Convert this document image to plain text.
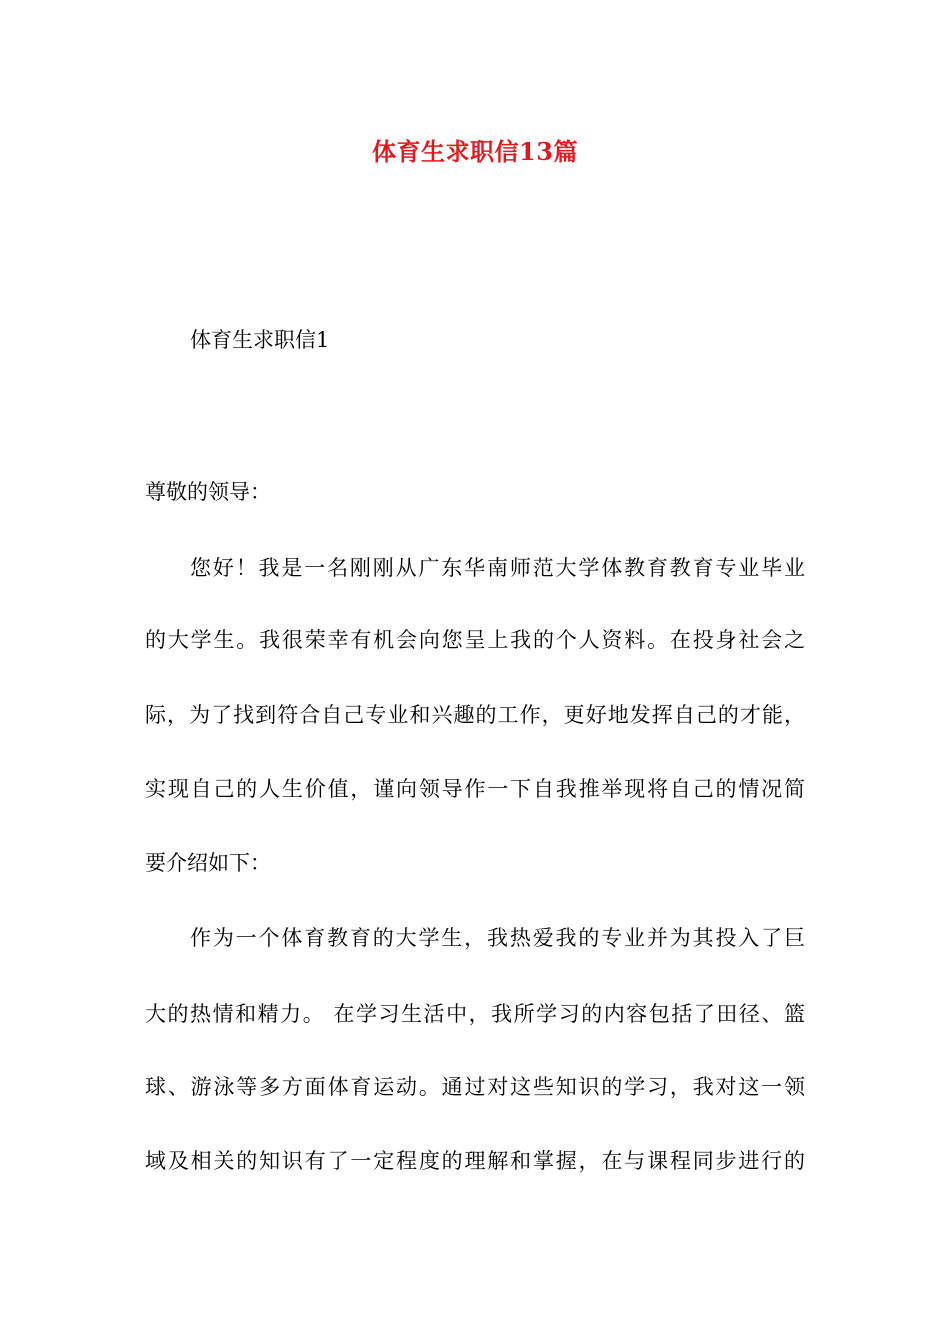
体育生求职信13篇
体育生求职信1
尊敬的领导：
您好！我是一名刚刚从广东华南师范大学体教育教育专业毕业
的大学生。我很荣幸有机会向您呈上我的个人资料。在投身社会之
际，为了找到符合自己专业和兴趣的工作，更好地发挥自己的才能，
实现自己的人生价值，谨向领导作一下自我推举现将自己的情况简
要介绍如下：
作为一个体育教育的大学生，我热爱我的专业并为其投入了巨
大的热情和精力。 在学习生活中，我所学习的内容包括了田径、篮
球、游泳等多方面体育运动。通过对这些知识的学习，我对这一领
域及相关的知识有了一定程度的理解和掌握，在与课程同步进行的
